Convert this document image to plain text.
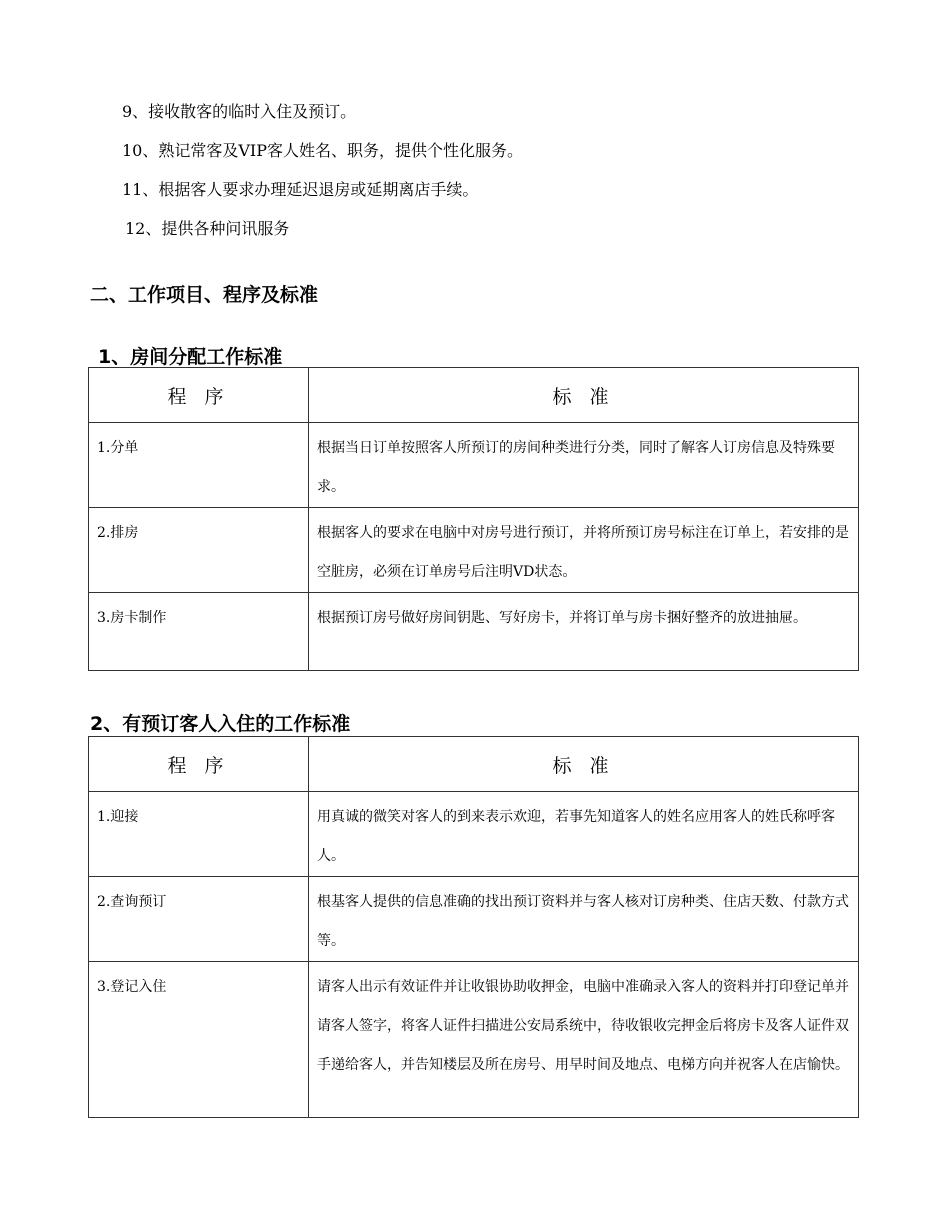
9、接收散客的临时入住及预订。
10、熟记常客及VIP客人姓名、职务，提供个性化服务。
11、根据客人要求办理延迟退房或延期离店手续。
12、提供各种问讯服务
二、工作项目、程序及标准
1、房间分配工作标准
程 序	标 准
1.分单	根据当日订单按照客人所预订的房间种类进行分类，同时了解客人订房信息及特殊要求。
2.排房	根据客人的要求在电脑中对房号进行预订，并将所预订房号标注在订单上，若安排的是空脏房，必须在订单房号后注明VD状态。
3.房卡制作	根据预订房号做好房间钥匙、写好房卡，并将订单与房卡捆好整齐的放进抽屉。
2、有预订客人入住的工作标准
程 序	标 准
1.迎接	用真诚的微笑对客人的到来表示欢迎，若事先知道客人的姓名应用客人的姓氏称呼客人。
2.查询预订	根基客人提供的信息准确的找出预订资料并与客人核对订房种类、住店天数、付款方式等。
3.登记入住	请客人出示有效证件并让收银协助收押金，电脑中准确录入客人的资料并打印登记单并请客人签字，将客人证件扫描进公安局系统中，待收银收完押金后将房卡及客人证件双手递给客人，并告知楼层及所在房号、用早时间及地点、电梯方向并祝客人在店愉快。
